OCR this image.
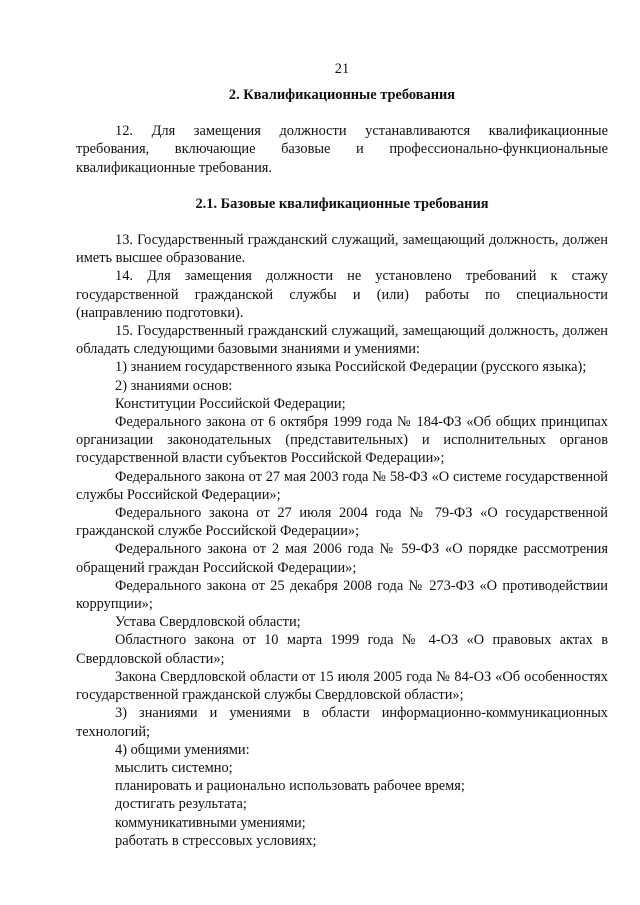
21
2. Квалификационные требования

12. Для замещения должности устанавливаются квалификационные требования, включающие базовые и профессионально-функциональные квалификационные требования.

2.1. Базовые квалификационные требования

13. Государственный гражданский служащий, замещающий должность, должен иметь высшее образование.

14. Для замещения должности не установлено требований к стажу государственной гражданской службы и (или) работы по специальности (направлению подготовки).

15. Государственный гражданский служащий, замещающий должность, должен обладать следующими базовыми знаниями и умениями:

1) знанием государственного языка Российской Федерации (русского языка);

2) знаниями основ:

Конституции Российской Федерации;

Федерального закона от 6 октября 1999 года № 184-ФЗ «Об общих принципах организации законодательных (представительных) и исполнительных органов государственной власти субъектов Российской Федерации»;

Федерального закона от 27 мая 2003 года № 58-ФЗ «О системе государственной службы Российской Федерации»;

Федерального закона от 27 июля 2004 года № 79-ФЗ «О государственной гражданской службе Российской Федерации»;

Федерального закона от 2 мая 2006 года № 59-ФЗ «О порядке рассмотрения обращений граждан Российской Федерации»;

Федерального закона от 25 декабря 2008 года № 273-ФЗ «О противодействии коррупции»;

Устава Свердловской области;

Областного закона от 10 марта 1999 года № 4-ОЗ «О правовых актах в Свердловской области»;

Закона Свердловской области от 15 июля 2005 года № 84-ОЗ «Об особенностях государственной гражданской службы Свердловской области»;

3) знаниями и умениями в области информационно-коммуникационных технологий;

4) общими умениями:

мыслить системно;

планировать и рационально использовать рабочее время;

достигать результата;

коммуникативными умениями;

работать в стрессовых условиях;
